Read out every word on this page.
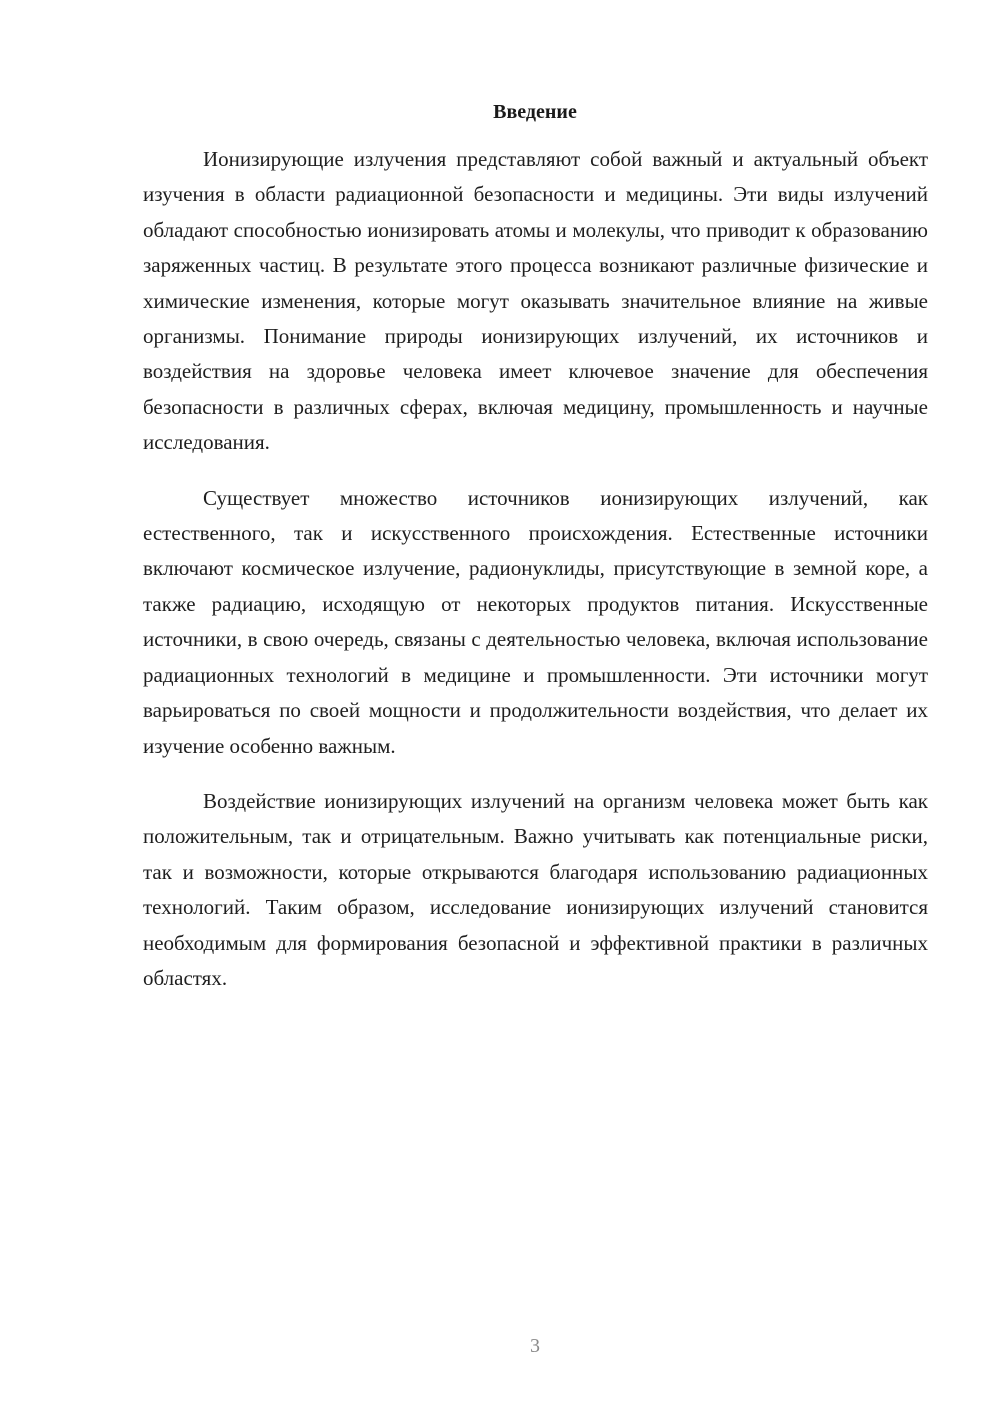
Введение

Ионизирующие излучения представляют собой важный и актуальный объект изучения в области радиационной безопасности и медицины. Эти виды излучений обладают способностью ионизировать атомы и молекулы, что приводит к образованию заряженных частиц. В результате этого процесса возникают различные физические и химические изменения, которые могут оказывать значительное влияние на живые организмы. Понимание природы ионизирующих излучений, их источников и воздействия на здоровье человека имеет ключевое значение для обеспечения безопасности в различных сферах, включая медицину, промышленность и научные исследования.

Существует множество источников ионизирующих излучений, как естественного, так и искусственного происхождения. Естественные источники включают космическое излучение, радионуклиды, присутствующие в земной коре, а также радиацию, исходящую от некоторых продуктов питания. Искусственные источники, в свою очередь, связаны с деятельностью человека, включая использование радиационных технологий в медицине и промышленности. Эти источники могут варьироваться по своей мощности и продолжительности воздействия, что делает их изучение особенно важным.

Воздействие ионизирующих излучений на организм человека может быть как положительным, так и отрицательным. Важно учитывать как потенциальные риски, так и возможности, которые открываются благодаря использованию радиационных технологий. Таким образом, исследование ионизирующих излучений становится необходимым для формирования безопасной и эффективной практики в различных областях.

3
